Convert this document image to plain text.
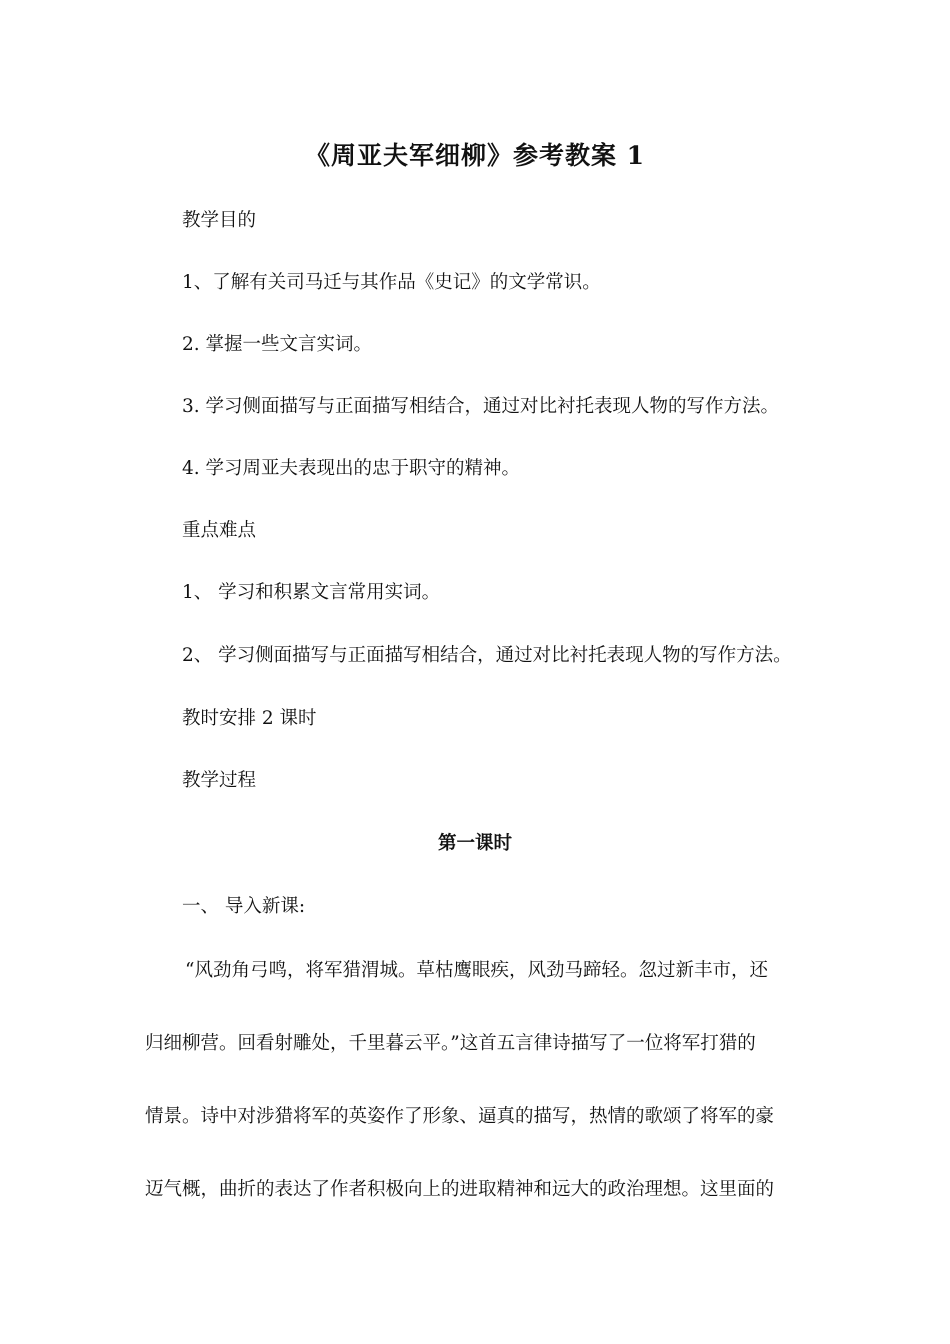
《周亚夫军细柳》参考教案 1
教学目的
1、了解有关司马迁与其作品《史记》的文学常识。
2. 掌握一些文言实词。
3. 学习侧面描写与正面描写相结合，通过对比衬托表现人物的写作方法。
4. 学习周亚夫表现出的忠于职守的精神。
重点难点
1、 学习和积累文言常用实词。
2、 学习侧面描写与正面描写相结合，通过对比衬托表现人物的写作方法。
教时安排 2 课时
教学过程
第一课时
一、 导入新课:
“风劲角弓鸣，将军猎渭城。草枯鹰眼疾，风劲马蹄轻。忽过新丰市，还
归细柳营。回看射雕处，千里暮云平。”这首五言律诗描写了一位将军打猎的
情景。诗中对涉猎将军的英姿作了形象、逼真的描写，热情的歌颂了将军的豪
迈气概，曲折的表达了作者积极向上的进取精神和远大的政治理想。这里面的
